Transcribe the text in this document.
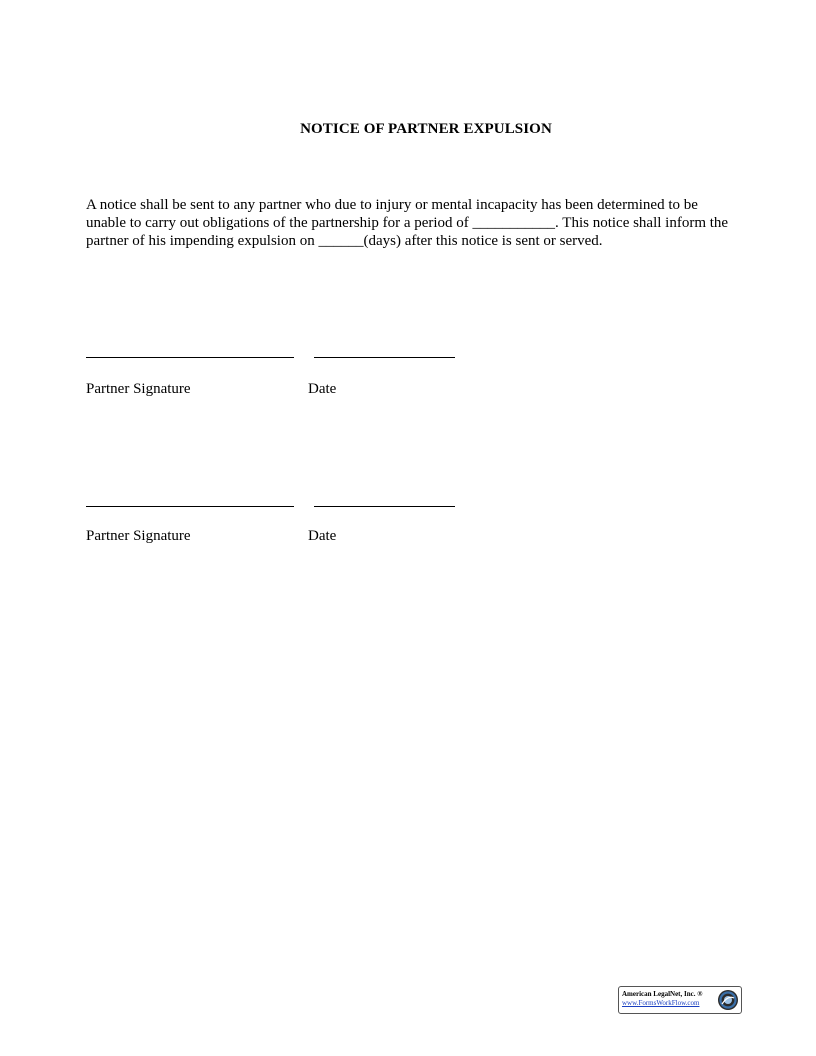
NOTICE OF PARTNER EXPULSION
A notice shall be sent to any partner who due to injury or mental incapacity has been determined to be
unable to carry out obligations of the partnership for a period of ___________. This notice shall inform the
partner of his impending expulsion on ______(days) after this notice is sent or served.
Partner Signature	Date
Partner Signature	Date
American LegalNet, Inc. ®
www.FormsWorkFlow.com
